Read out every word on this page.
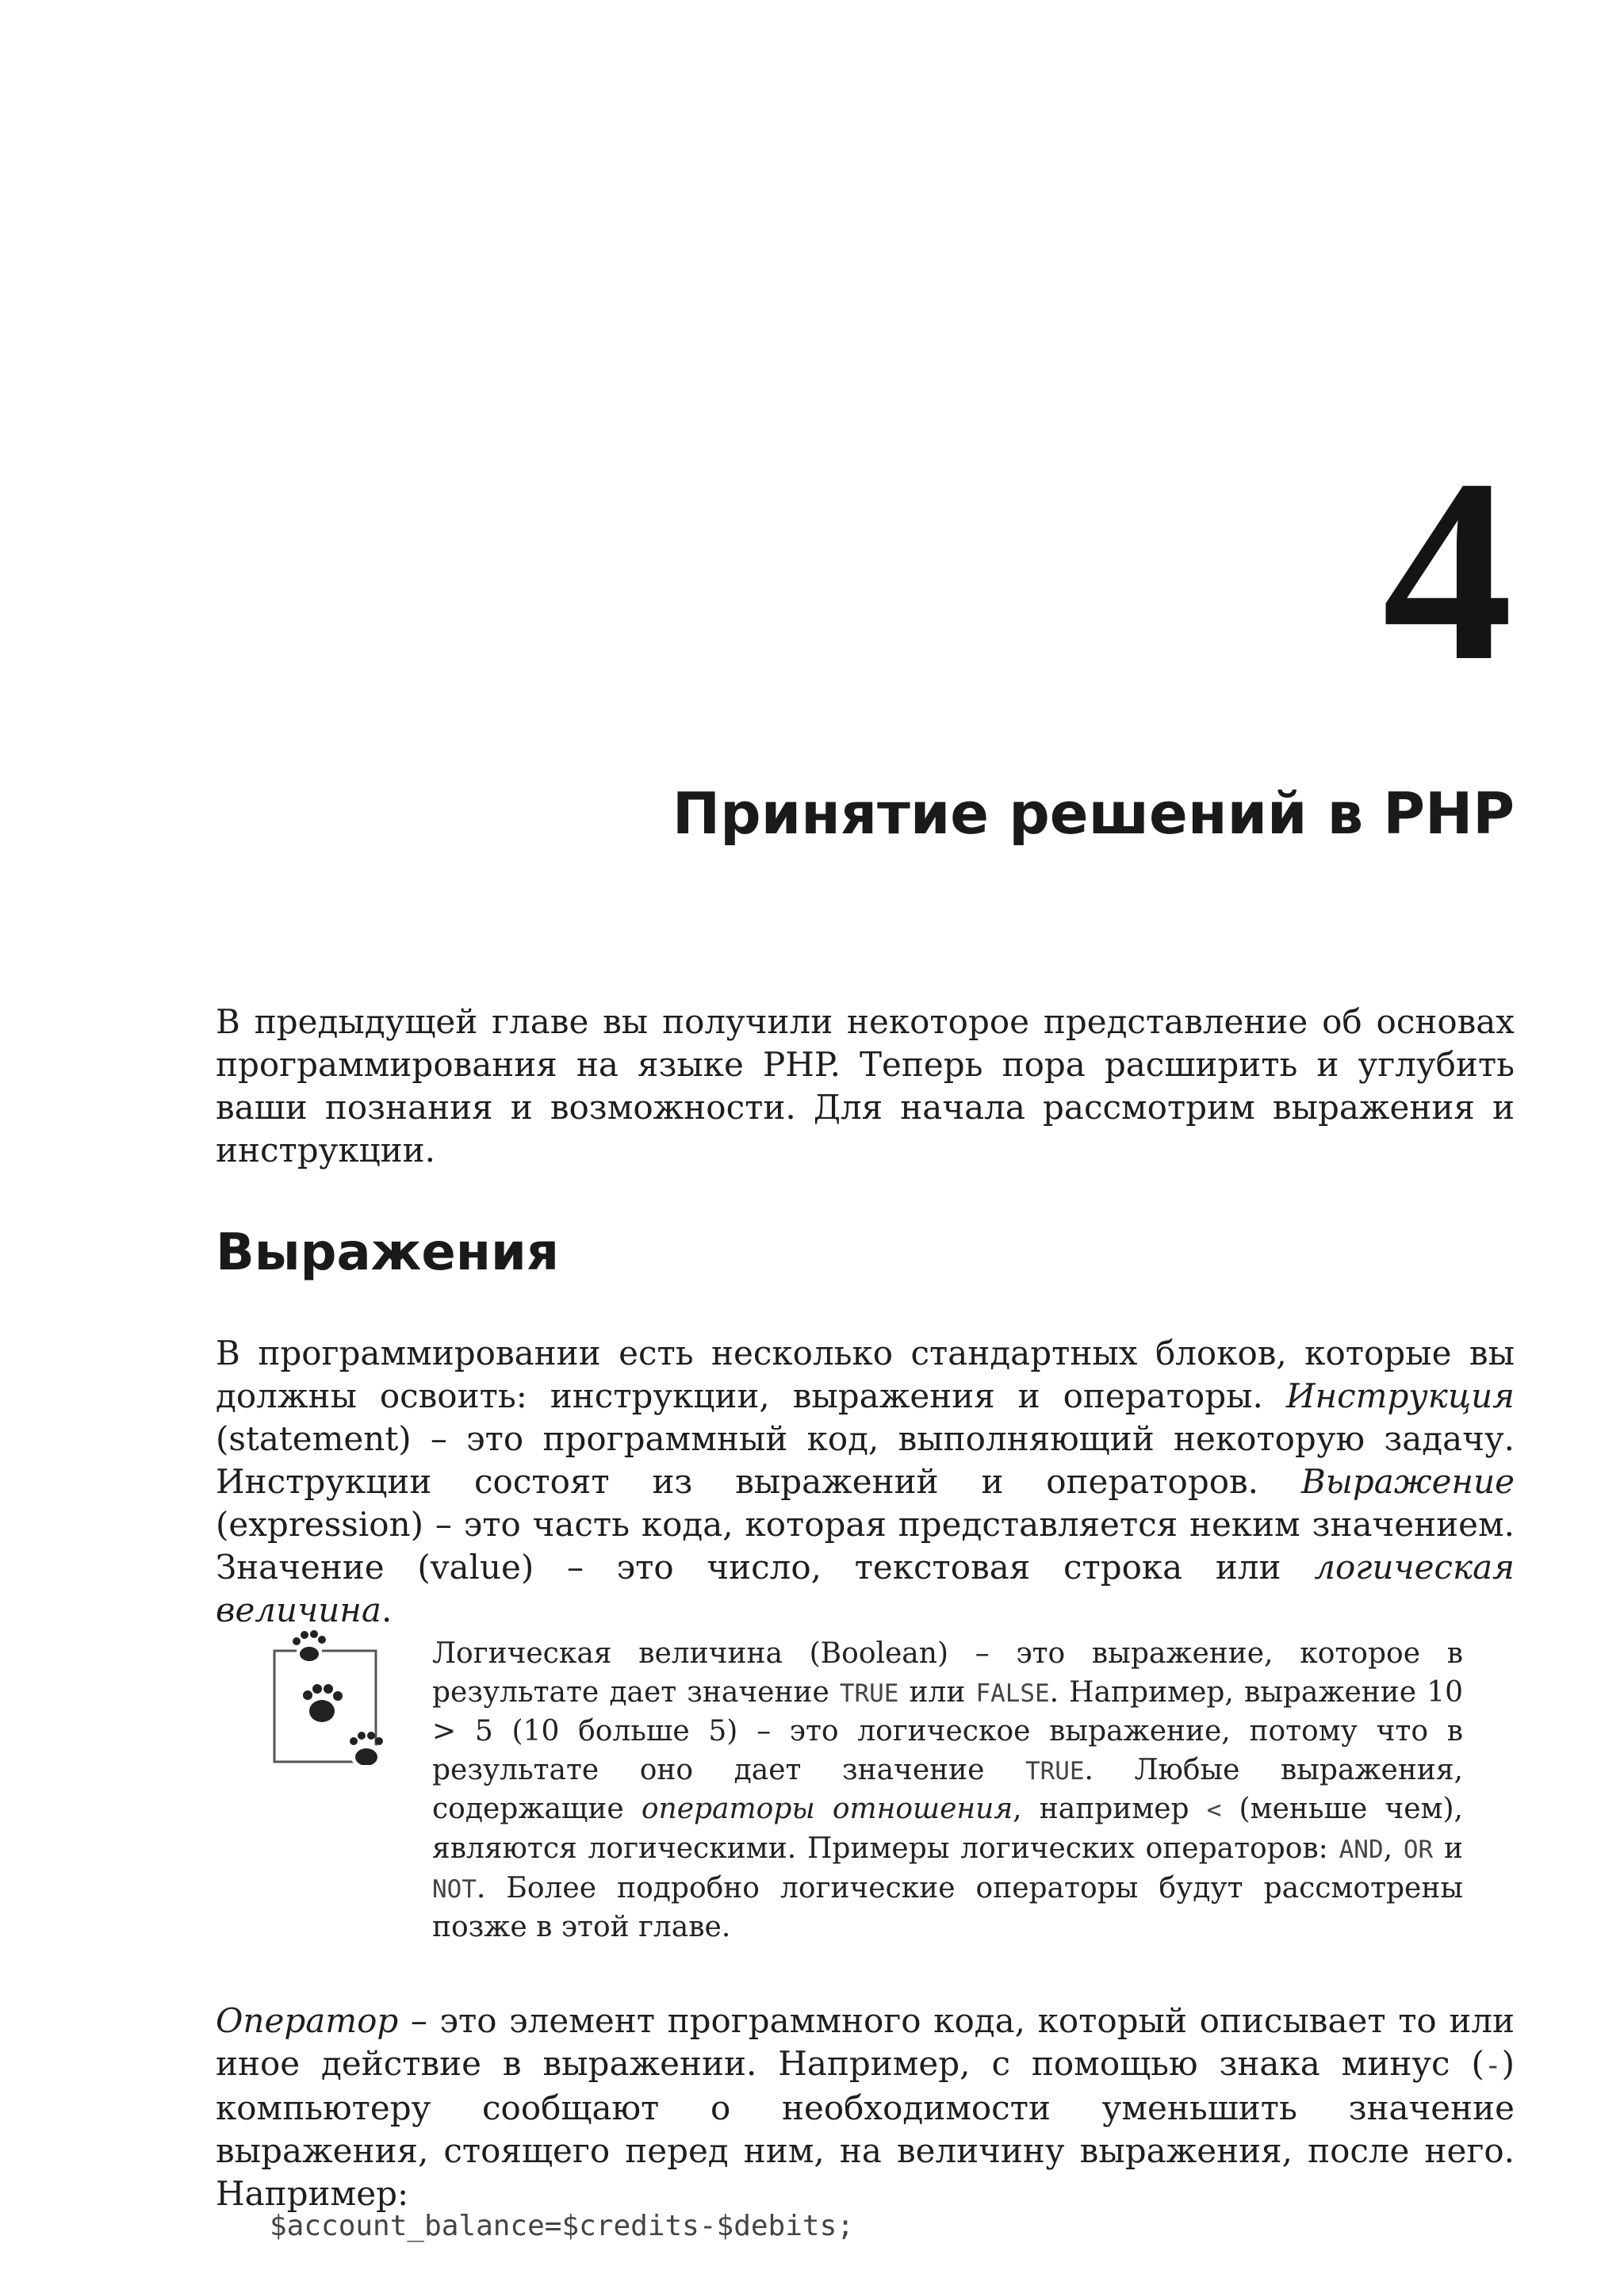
4
Принятие решений в PHP

В предыдущей главе вы получили некоторое представление об основах программирования на языке PHP. Теперь пора расширить и углубить ваши познания и возможности. Для начала рассмотрим выражения и инструкции.

Выражения

В программировании есть несколько стандартных блоков, которые вы должны освоить: инструкции, выражения и операторы. Инструкция (statement) – это программный код, выполняющий некоторую задачу. Инструкции состоят из выражений и операторов. Выражение (expression) – это часть кода, которая представляется неким значением. Значение (value) – это число, текстовая строка или логическая величина.

Логическая величина (Boolean) – это выражение, которое в результате дает значение TRUE или FALSE. Например, выражение 10 > 5 (10 больше 5) – это логическое выражение, потому что в результате оно дает значение TRUE. Любые выражения, содержащие операторы отношения, например < (меньше чем), являются логическими. Примеры логических операторов: AND, OR и NOT. Более подробно логические операторы будут рассмотрены позже в этой главе.

Оператор – это элемент программного кода, который описывает то или иное действие в выражении. Например, с помощью знака минус (-) компьютеру сообщают о необходимости уменьшить значение выражения, стоящего перед ним, на величину выражения, после него. Например:

$account_balance=$credits-$debits;
